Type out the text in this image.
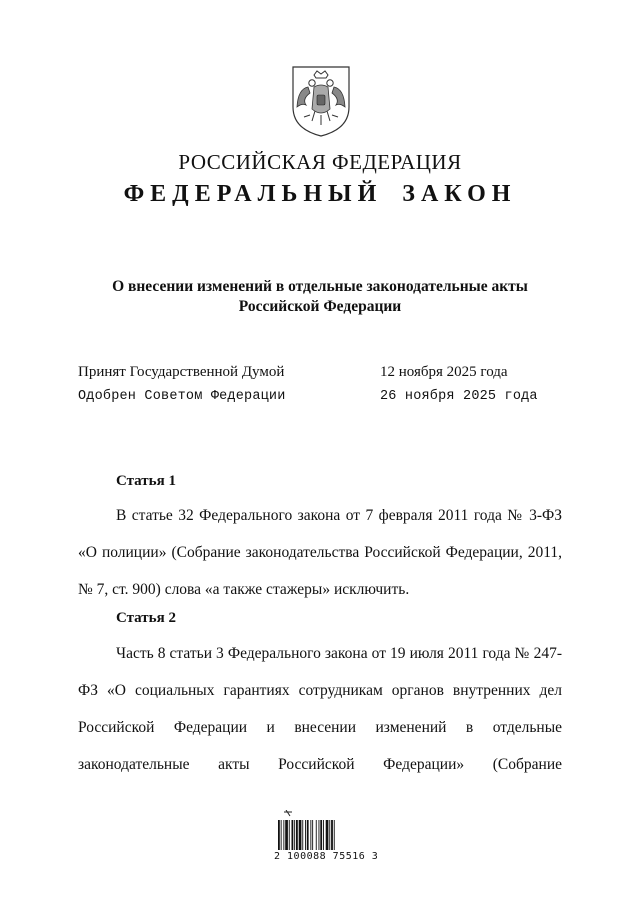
РОССИЙСКАЯ ФЕДЕРАЦИЯ
ФЕДЕРАЛЬНЫЙ ЗАКОН
О внесении изменений в отдельные законодательные акты
Российской Федерации
Принят Государственной Думой	12 ноября 2025 года
Одобрен Советом Федерации	26 ноября 2025 года
Статья 1
В статье 32 Федерального закона от 7 февраля 2011 года № 3-ФЗ «О полиции» (Собрание законодательства Российской Федерации, 2011, № 7, ст. 900) слова «а также стажеры» исключить.
Статья 2
Часть 8 статьи 3 Федерального закона от 19 июля 2011 года № 247-ФЗ «О социальных гарантиях сотрудникам органов внутренних дел Российской Федерации и внесении изменений в отдельные законодательные акты Российской Федерации» (Собрание
2 100088 75516 3
